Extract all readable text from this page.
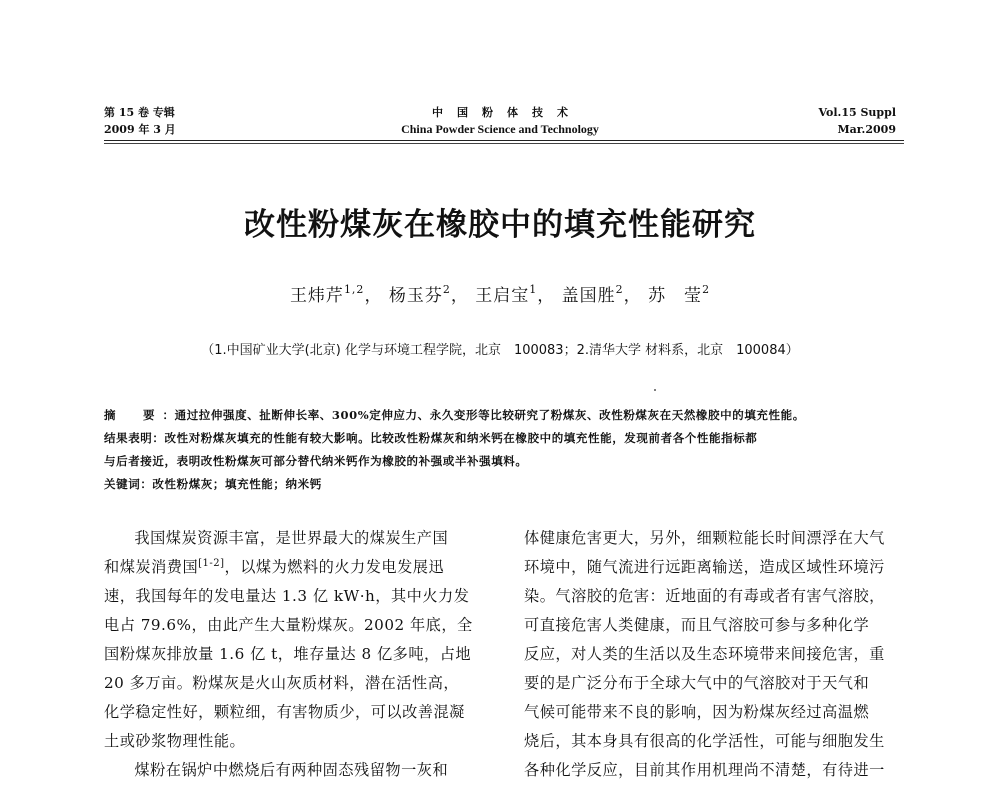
第 15 卷 专辑
2009 年 3 月
中国粉体技术
China Powder Science and Technology
Vol.15 Suppl
Mar.2009
改性粉煤灰在橡胶中的填充性能研究
王炜芹$^{1,2}$， 杨玉芬$^2$， 王启宝$^1$， 盖国胜$^2$， 苏　莹$^2$
（1.中国矿业大学(北京) 化学与环境工程学院，北京　100083；2.清华大学 材料系，北京　100084）

摘　要：通过拉伸强度、扯断伸长率、300%定伸应力、永久变形等比较研究了粉煤灰、改性粉煤灰在天然橡胶中的填充性能。

结果表明：改性对粉煤灰填充的性能有较大影响。比较改性粉煤灰和纳米钙在橡胶中的填充性能，发现前者各个性能指标都

与后者接近，表明改性粉煤灰可部分替代纳米钙作为橡胶的补强或半补强填料。

关键词：改性粉煤灰；填充性能；纳米钙

我国煤炭资源丰富，是世界最大的煤炭生产国

和煤炭消费国[1-2]，以煤为燃料的火力发电发展迅

速，我国每年的发电量达 1.3 亿 kW·h，其中火力发

电占 79.6%，由此产生大量粉煤灰。2002 年底，全

国粉煤灰排放量 1.6 亿 t，堆存量达 8 亿多吨，占地

20 多万亩。粉煤灰是火山灰质材料，潜在活性高，

化学稳定性好，颗粒细，有害物质少，可以改善混凝

土或砂浆物理性能。

煤粉在锅炉中燃烧后有两种固态残留物一灰和

体健康危害更大，另外，细颗粒能长时间漂浮在大气

环境中，随气流进行远距离输送，造成区域性环境污

染。气溶胶的危害：近地面的有毒或者有害气溶胶，

可直接危害人类健康，而且气溶胶可参与多种化学

反应，对人类的生活以及生态环境带来间接危害，重

要的是广泛分布于全球大气中的气溶胶对于天气和

气候可能带来不良的影响，因为粉煤灰经过高温燃

烧后，其本身具有很高的化学活性，可能与细胞发生

各种化学反应，目前其作用机理尚不清楚，有待进一
